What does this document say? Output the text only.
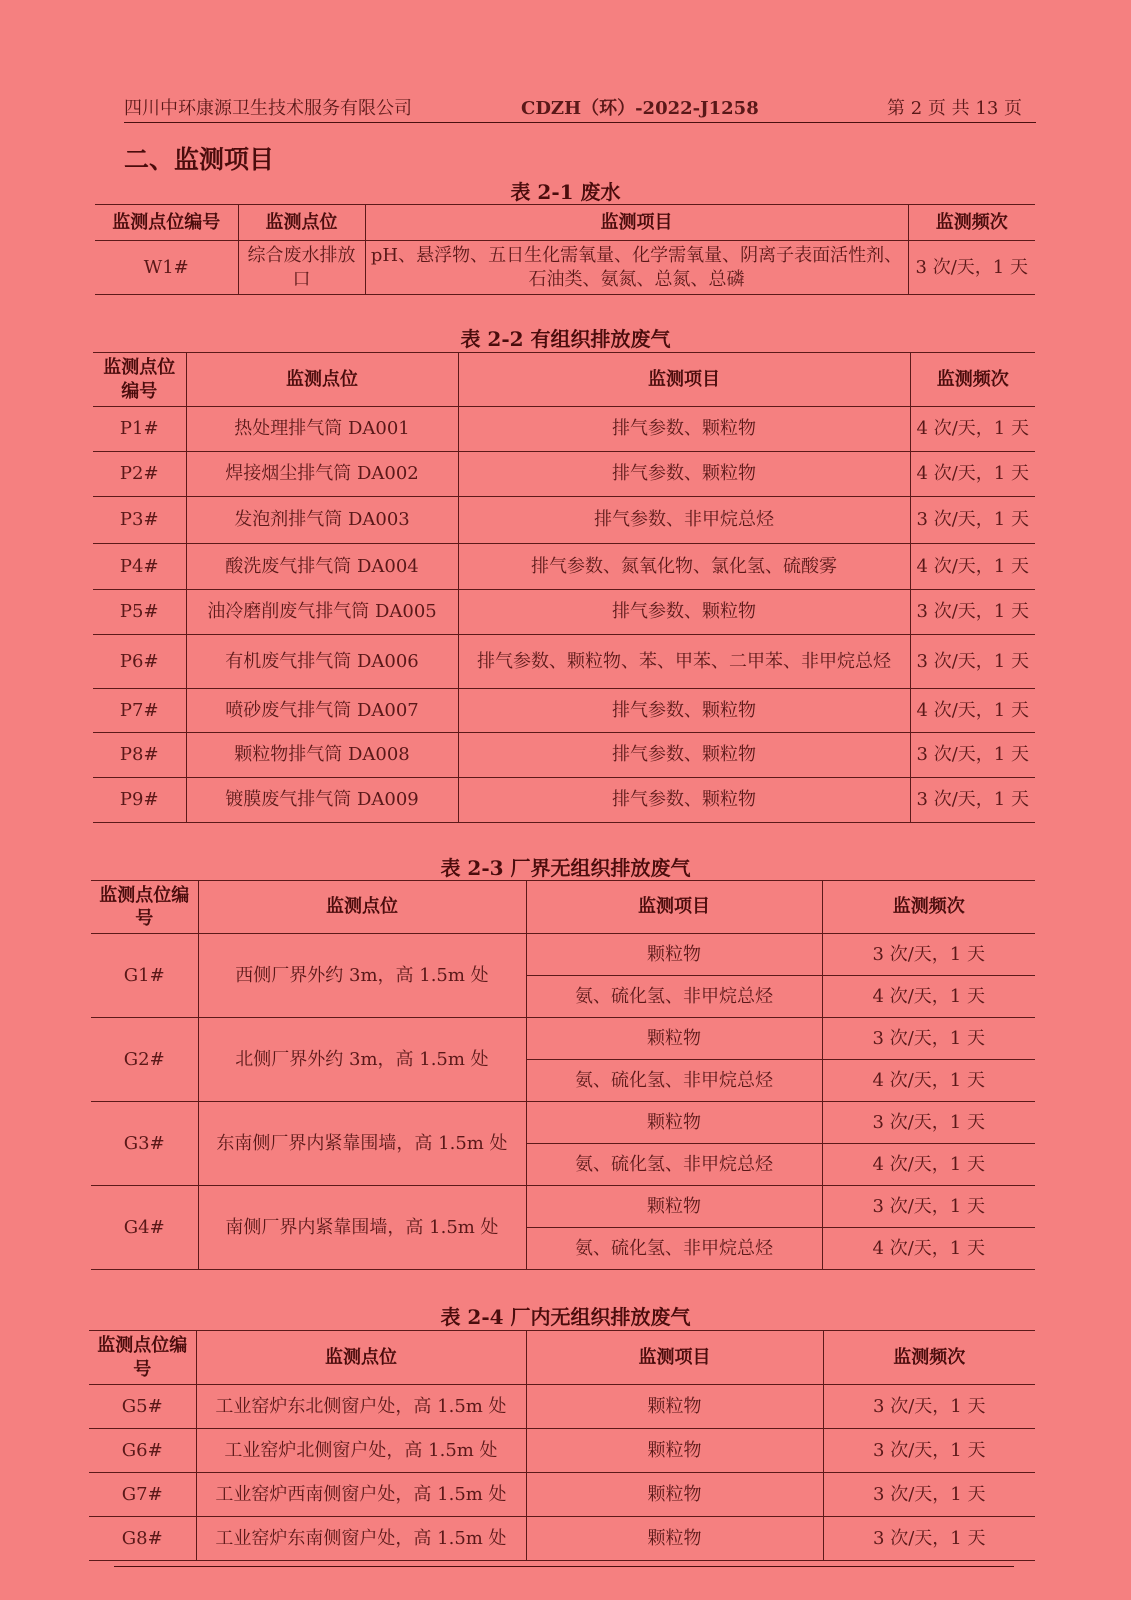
四川中环康源卫生技术服务有限公司	CDZH（环）-2022-J1258	第 2 页 共 13 页
二、监测项目
表 2-1 废水
监测点位编号	监测点位	监测项目	监测频次
W1#	综合废水排放口	pH、悬浮物、五日生化需氧量、化学需氧量、阴离子表面活性剂、石油类、氨氮、总氮、总磷	3 次/天，1 天
表 2-2 有组织排放废气
监测点位编号	监测点位	监测项目	监测频次
P1#	热处理排气筒 DA001	排气参数、颗粒物	4 次/天，1 天
P2#	焊接烟尘排气筒 DA002	排气参数、颗粒物	4 次/天，1 天
P3#	发泡剂排气筒 DA003	排气参数、非甲烷总烃	3 次/天，1 天
P4#	酸洗废气排气筒 DA004	排气参数、氮氧化物、氯化氢、硫酸雾	4 次/天，1 天
P5#	油冷磨削废气排气筒 DA005	排气参数、颗粒物	3 次/天，1 天
P6#	有机废气排气筒 DA006	排气参数、颗粒物、苯、甲苯、二甲苯、非甲烷总烃	3 次/天，1 天
P7#	喷砂废气排气筒 DA007	排气参数、颗粒物	4 次/天，1 天
P8#	颗粒物排气筒 DA008	排气参数、颗粒物	3 次/天，1 天
P9#	镀膜废气排气筒 DA009	排气参数、颗粒物	3 次/天，1 天
表 2-3 厂界无组织排放废气
监测点位编号	监测点位	监测项目	监测频次
G1#	西侧厂界外约 3m，高 1.5m 处	颗粒物	3 次/天，1 天
		氨、硫化氢、非甲烷总烃	4 次/天，1 天
G2#	北侧厂界外约 3m，高 1.5m 处	颗粒物	3 次/天，1 天
		氨、硫化氢、非甲烷总烃	4 次/天，1 天
G3#	东南侧厂界内紧靠围墙，高 1.5m 处	颗粒物	3 次/天，1 天
		氨、硫化氢、非甲烷总烃	4 次/天，1 天
G4#	南侧厂界内紧靠围墙，高 1.5m 处	颗粒物	3 次/天，1 天
		氨、硫化氢、非甲烷总烃	4 次/天，1 天
表 2-4 厂内无组织排放废气
监测点位编号	监测点位	监测项目	监测频次
G5#	工业窑炉东北侧窗户处，高 1.5m 处	颗粒物	3 次/天，1 天
G6#	工业窑炉北侧窗户处，高 1.5m 处	颗粒物	3 次/天，1 天
G7#	工业窑炉西南侧窗户处，高 1.5m 处	颗粒物	3 次/天，1 天
G8#	工业窑炉东南侧窗户处，高 1.5m 处	颗粒物	3 次/天，1 天
